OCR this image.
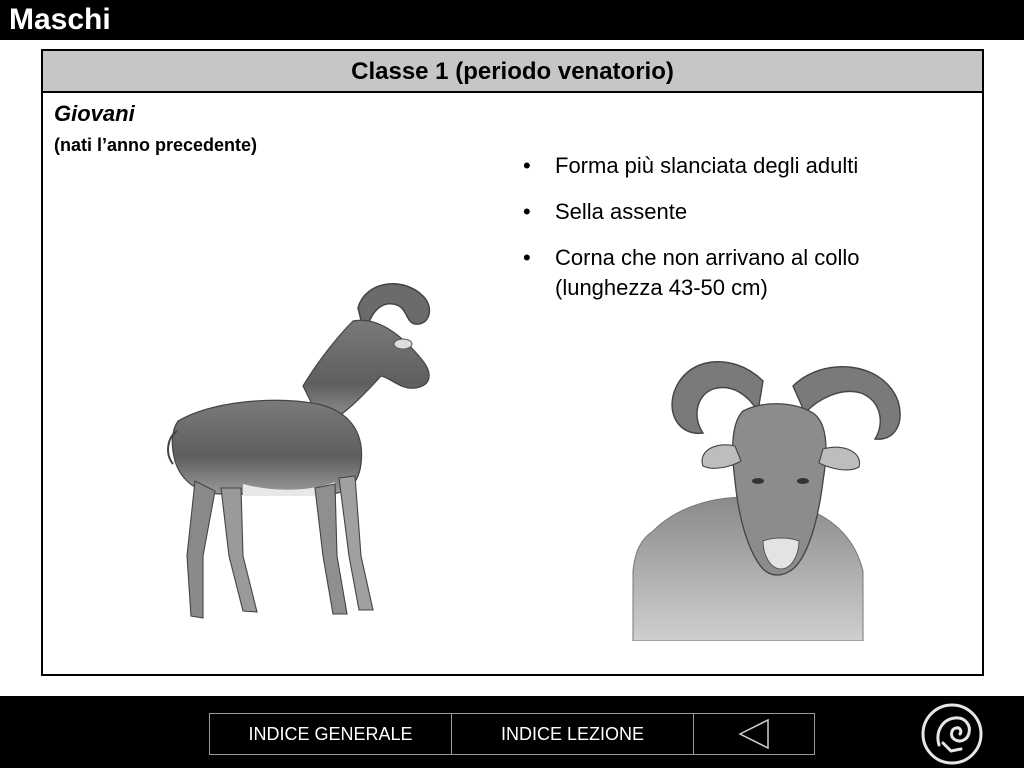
Maschi
Classe 1 (periodo venatorio)
Giovani
(nati l’anno precedente)
• Forma più slanciata degli adulti
• Sella assente
• Corna che non arrivano al collo (lunghezza 43-50 cm)
INDICE GENERALE	INDICE LEZIONE
